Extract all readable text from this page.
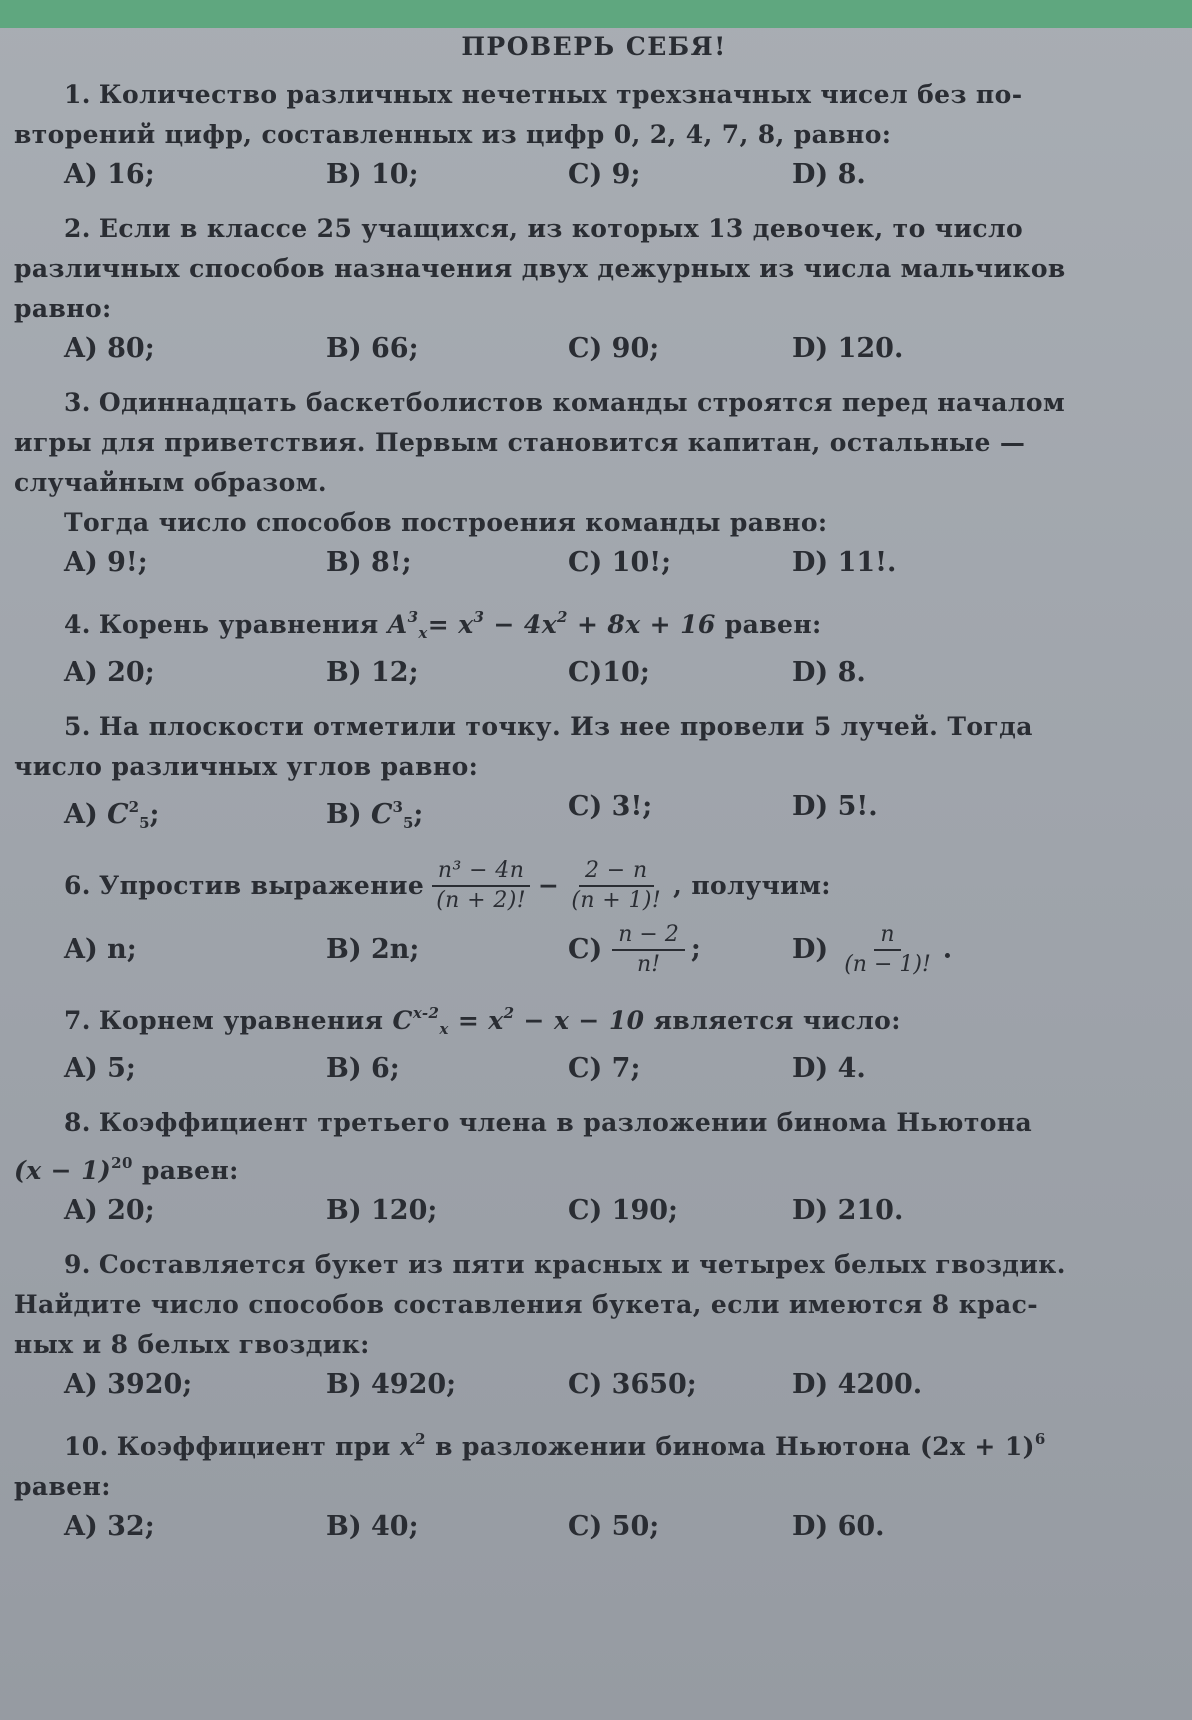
ПРОВЕРЬ СЕБЯ!

1. Количество различных нечетных трехзначных чисел без по-
вторений цифр, составленных из цифр 0, 2, 4, 7, 8, равно:

A) 16;	B) 10;	C) 9;	D) 8.

2. Если в классе 25 учащихся, из которых 13 девочек, то число
различных способов назначения двух дежурных из числа мальчиков
равно:

A) 80;	B) 66;	C) 90;	D) 120.

3. Одиннадцать баскетболистов команды строятся перед началом
игры для приветствия. Первым становится капитан, остальные —
случайным образом.

Тогда число способов построения команды равно:

A) 9!;	B) 8!;	C) 10!;	D) 11!.

4. Корень уравнения $A^3_x= x^3 - 4x^2 + 8x + 16$ равен:

A) 20;	B) 12;	C)10;	D) 8.

5. На плоскости отметили точку. Из нее провели 5 лучей. Тогда
число различных углов равно:

A) $C^2_5$;	B) $C^3_5$;	C) 3!;	D) 5!.

6. Упростив выражение $\frac{\text{n³ − 4n}}{(n + 2)!} - \frac{2 - n}{(n + 1)!}$ , получим:

A) n;	B) 2n;	$C) \frac{n - 2}{n!}$ ;	$D) \frac{n}{(n - 1)!}$ .

7. Корнем уравнения $C^{x-2}_x = x^2 - x - 10$ является число:

A) 5;	B) 6;	C) 7;	D) 4.

8. Коэффициент третьего члена в разложении бинома Ньютона
$(x - 1)^{20}$ равен:

A) 20;	B) 120;	C) 190;	D) 210.

9. Составляется букет из пяти красных и четырех белых гвоздик.
Найдите число способов составления букета, если имеются 8 крас-
ных и 8 белых гвоздик:

A) 3920;	B) 4920;	C) 3650;	D) 4200.

10. Коэффициент при $x^2$ в разложении бинома Ньютона $(2x + 1)^6$
равен:

A) 32;	B) 40;	C) 50;	D) 60.
